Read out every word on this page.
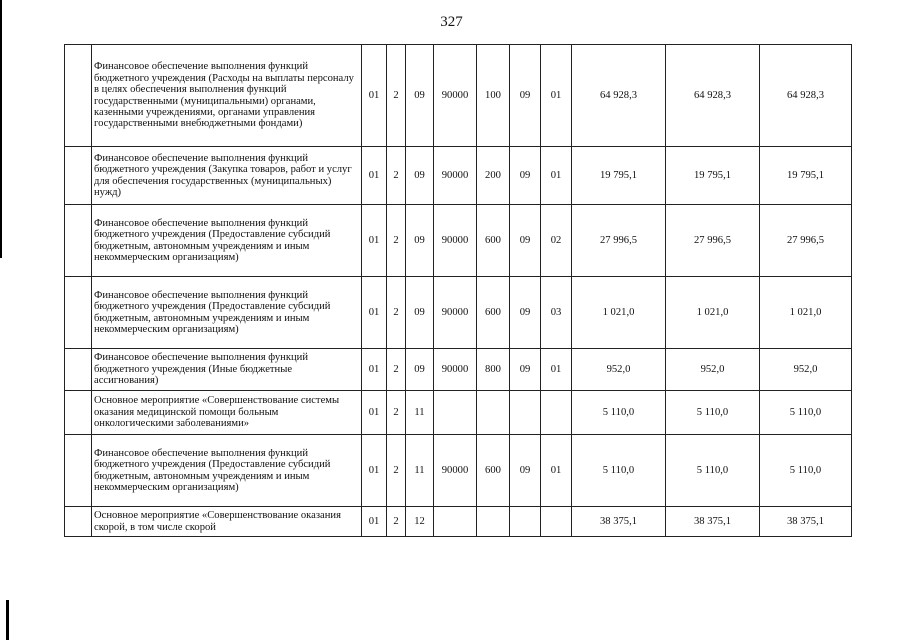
327
	Финансовое обеспечение выполнения функций бюджетного учреждения (Расходы на выплаты персоналу в целях обеспечения выполнения функций государственными (муниципальными) органами, казенными учреждениями, органами управления государственными внебюджетными фондами)	01	2	09	90000	100	09	01	64 928,3	64 928,3	64 928,3
	Финансовое обеспечение выполнения функций бюджетного учреждения (Закупка товаров, работ и услуг для обеспечения государственных (муниципальных) нужд)	01	2	09	90000	200	09	01	19 795,1	19 795,1	19 795,1
	Финансовое обеспечение выполнения функций бюджетного учреждения (Предоставление субсидий бюджетным, автономным учреждениям и иным некоммерческим организациям)	01	2	09	90000	600	09	02	27 996,5	27 996,5	27 996,5
	Финансовое обеспечение выполнения функций бюджетного учреждения (Предоставление субсидий бюджетным, автономным учреждениям и иным некоммерческим организациям)	01	2	09	90000	600	09	03	1 021,0	1 021,0	1 021,0
	Финансовое обеспечение выполнения функций бюджетного учреждения (Иные бюджетные ассигнования)	01	2	09	90000	800	09	01	952,0	952,0	952,0
	Основное мероприятие «Совершенствование системы оказания медицинской помощи больным онкологическими заболеваниями»	01	2	11					5 110,0	5 110,0	5 110,0
	Финансовое обеспечение выполнения функций бюджетного учреждения (Предоставление субсидий бюджетным, автономным учреждениям и иным некоммерческим организациям)	01	2	11	90000	600	09	01	5 110,0	5 110,0	5 110,0
	Основное мероприятие «Совершенствование оказания скорой, в том числе скорой	01	2	12					38 375,1	38 375,1	38 375,1
